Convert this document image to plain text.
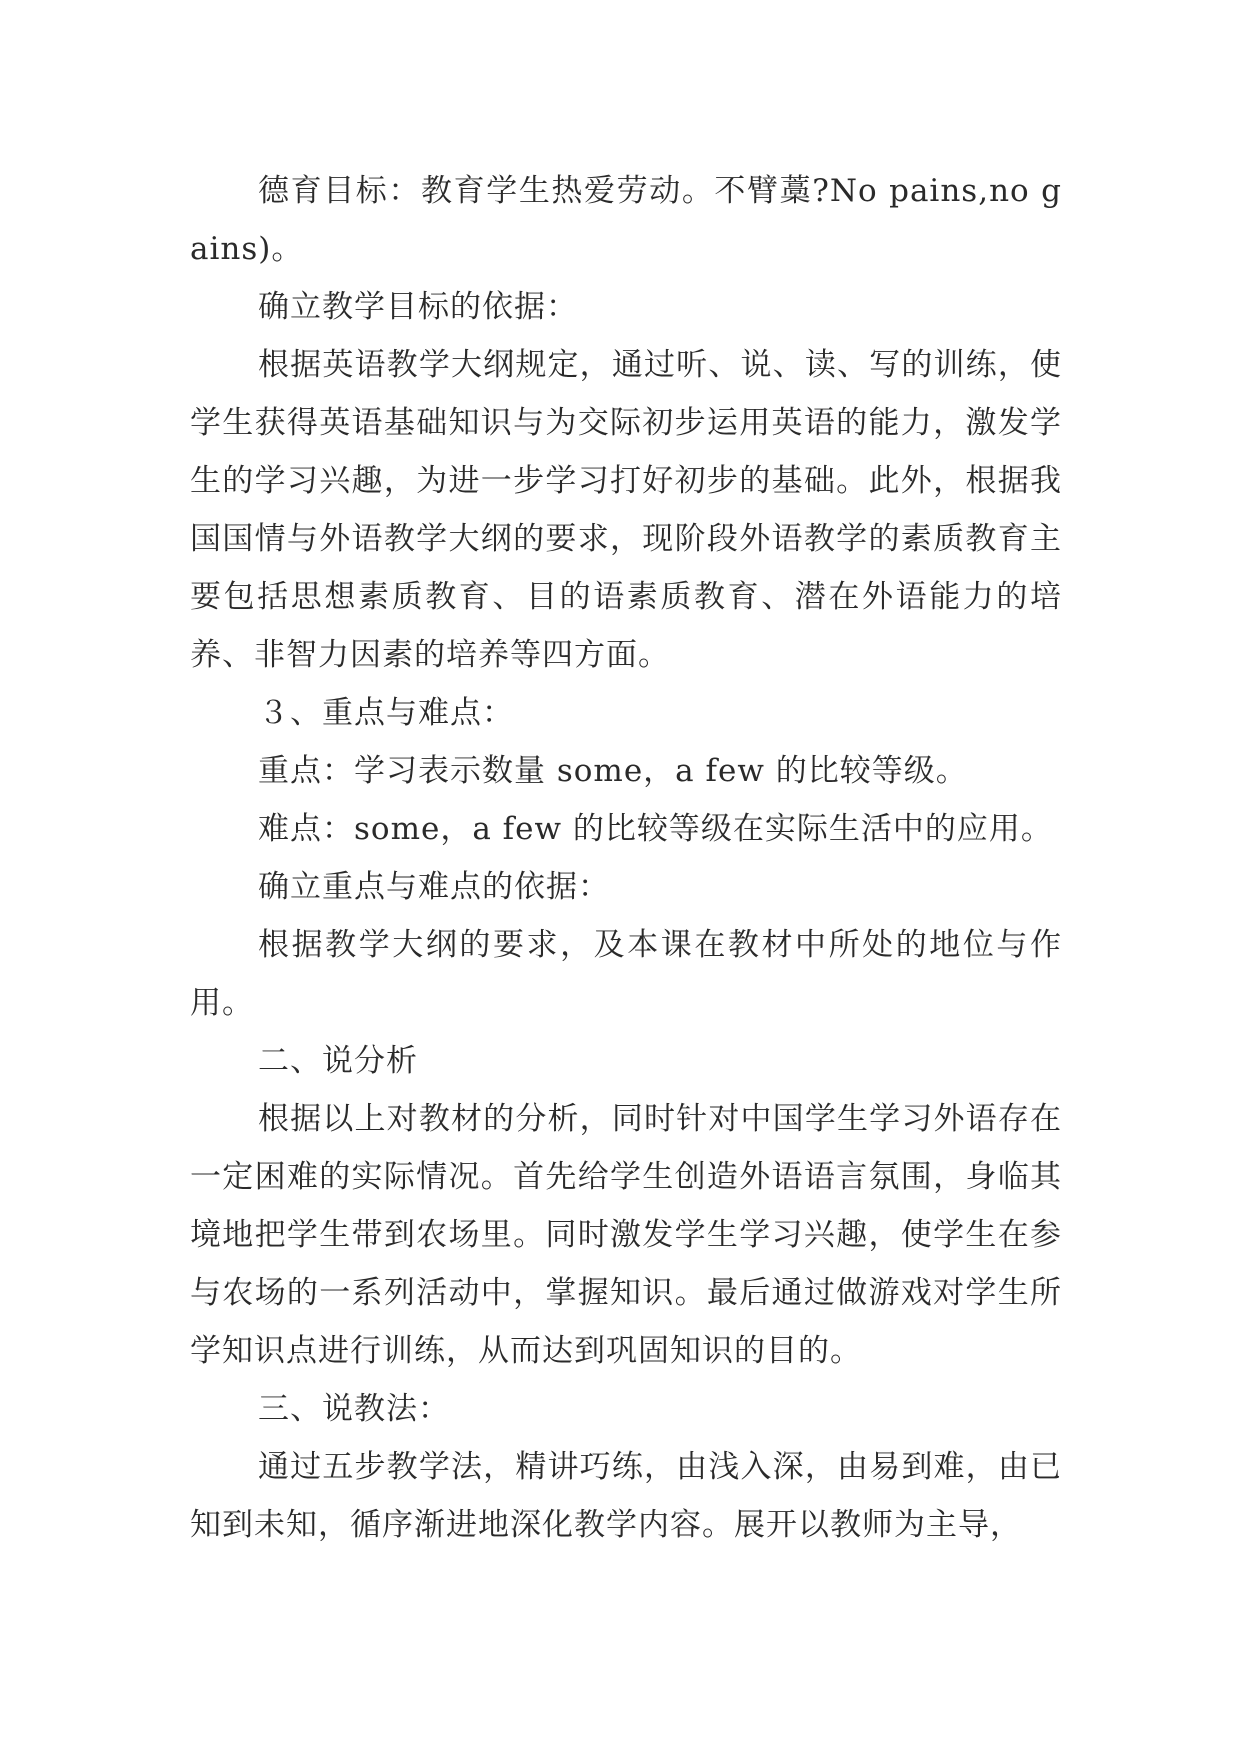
德育目标：教育学生热爱劳动。不臂藁?No pains,no gains)。

确立教学目标的依据：

根据英语教学大纲规定，通过听、说、读、写的训练，使学生获得英语基础知识与为交际初步运用英语的能力，激发学生的学习兴趣，为进一步学习打好初步的基础。此外，根据我国国情与外语教学大纲的要求，现阶段外语教学的素质教育主要包括思想素质教育、目的语素质教育、潜在外语能力的培养、非智力因素的培养等四方面。

３、重点与难点：

重点：学习表示数量 some，a few 的比较等级。

难点：some，a few 的比较等级在实际生活中的应用。

确立重点与难点的依据：

根据教学大纲的要求，及本课在教材中所处的地位与作用。

二、说分析

根据以上对教材的分析，同时针对中国学生学习外语存在一定困难的实际情况。首先给学生创造外语语言氛围，身临其境地把学生带到农场里。同时激发学生学习兴趣，使学生在参与农场的一系列活动中，掌握知识。最后通过做游戏对学生所学知识点进行训练，从而达到巩固知识的目的。

三、说教法：

通过五步教学法，精讲巧练，由浅入深，由易到难，由已知到未知，循序渐进地深化教学内容。展开以教师为主导，
